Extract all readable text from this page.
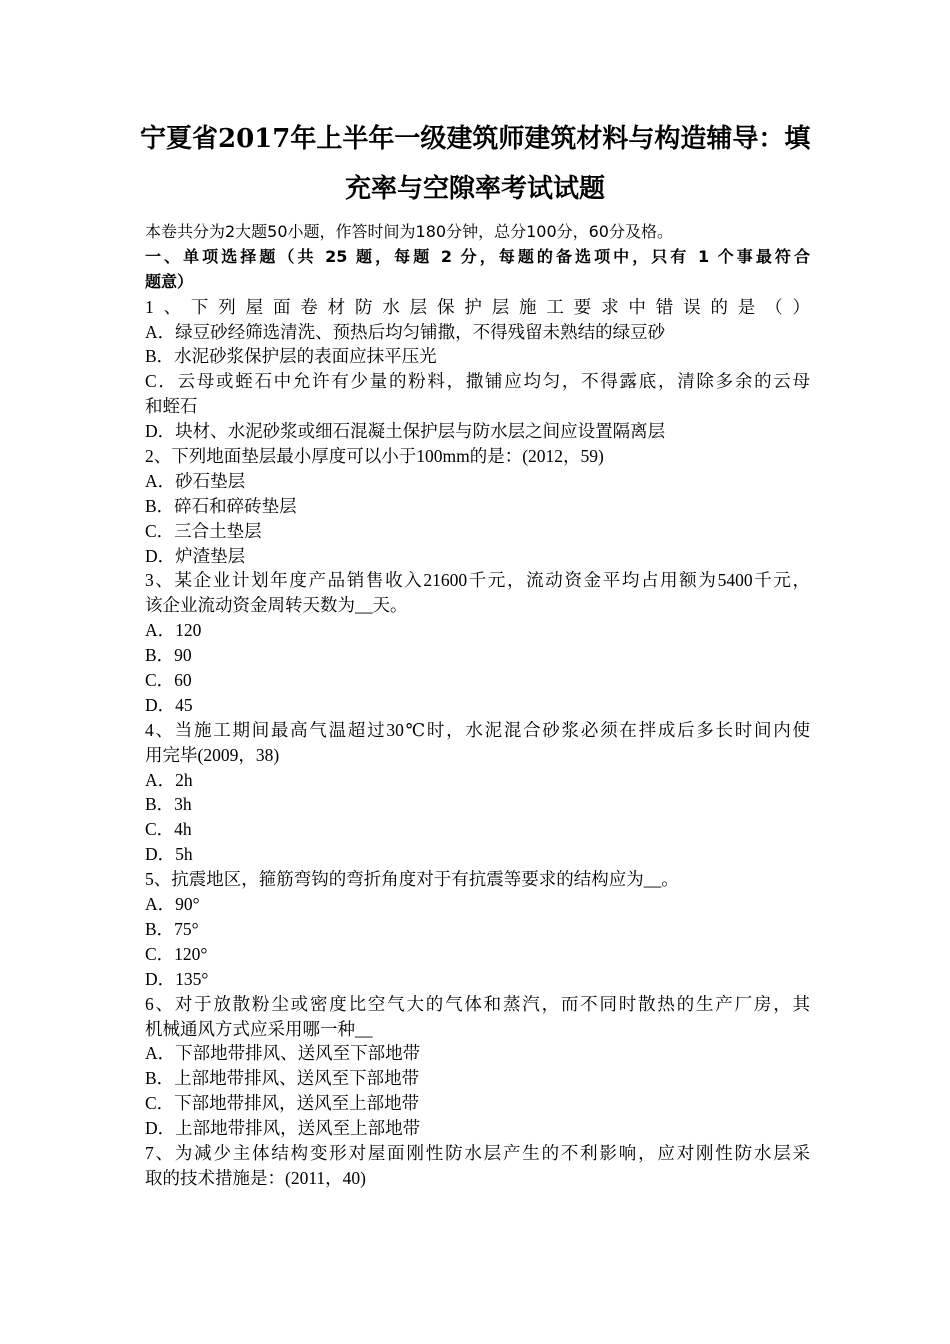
宁夏省2017年上半年一级建筑师建筑材料与构造辅导：填
充率与空隙率考试试题
本卷共分为2大题50小题，作答时间为180分钟，总分100分，60分及格。
一、单项选择题（共 25 题，每题 2 分，每题的备选项中，只有 1 个事最符合
题意）
1、下列屋面卷材防水层保护层施工要求中错误的是（）
A．绿豆砂经筛选清洗、预热后均匀铺撒，不得残留未熟结的绿豆砂
B．水泥砂浆保护层的表面应抹平压光
C．云母或蛭石中允许有少量的粉料，撒铺应均匀，不得露底，清除多余的云母
和蛭石
D．块材、水泥砂浆或细石混凝土保护层与防水层之间应设置隔离层
2、下列地面垫层最小厚度可以小于100mm的是：(2012，59)
A．砂石垫层
B．碎石和碎砖垫层
C．三合土垫层
D．炉渣垫层
3、某企业计划年度产品销售收入21600千元，流动资金平均占用额为5400千元，
该企业流动资金周转天数为__天。
A．120
B．90
C．60
D．45
4、当施工期间最高气温超过30℃时，水泥混合砂浆必须在拌成后多长时间内使
用完毕(2009，38)
A．2h
B．3h
C．4h
D．5h
5、抗震地区，箍筋弯钩的弯折角度对于有抗震等要求的结构应为__。
A．90°
B．75°
C．120°
D．135°
6、对于放散粉尘或密度比空气大的气体和蒸汽，而不同时散热的生产厂房，其
机械通风方式应采用哪一种__
A．下部地带排风、送风至下部地带
B．上部地带排风、送风至下部地带
C．下部地带排风，送风至上部地带
D．上部地带排风，送风至上部地带
7、为减少主体结构变形对屋面刚性防水层产生的不利影响，应对刚性防水层采
取的技术措施是：(2011，40)
